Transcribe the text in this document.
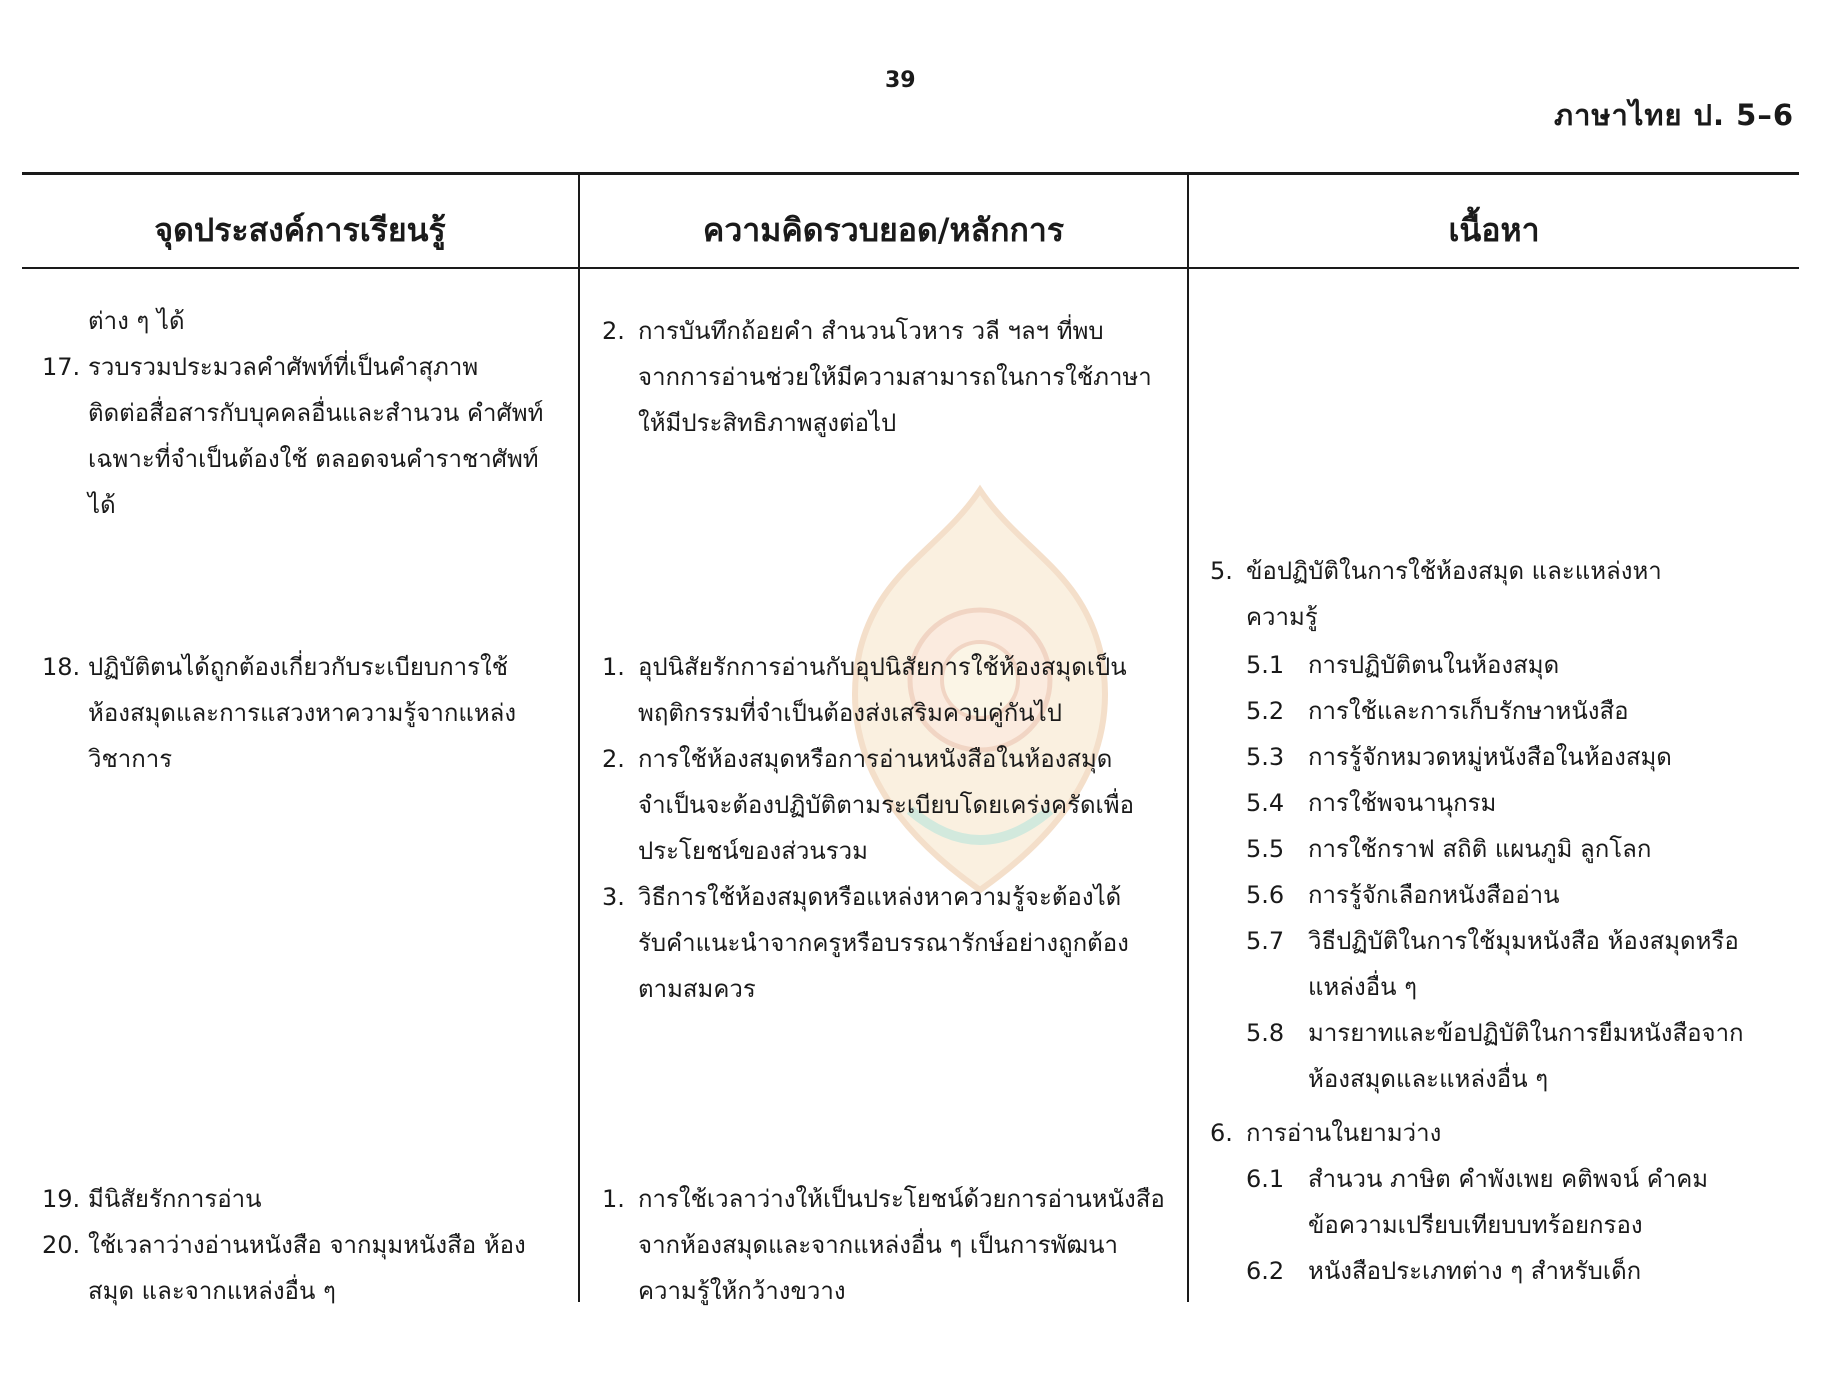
39
ภาษาไทย ป. 5–6
จุดประสงค์การเรียนรู้	ความคิดรวบยอด/หลักการ	เนื้อหา
ต่าง ๆ ได้
17. รวบรวมประมวลคำศัพท์ที่เป็นคำสุภาพ
ติดต่อสื่อสารกับบุคคลอื่นและสำนวน คำศัพท์
เฉพาะที่จำเป็นต้องใช้ ตลอดจนคำราชาศัพท์
ได้
18. ปฏิบัติตนได้ถูกต้องเกี่ยวกับระเบียบการใช้
ห้องสมุดและการแสวงหาความรู้จากแหล่ง
วิชาการ
19. มีนิสัยรักการอ่าน
20. ใช้เวลาว่างอ่านหนังสือ จากมุมหนังสือ ห้อง
สมุด และจากแหล่งอื่น ๆ
2. การบันทึกถ้อยคำ สำนวนโวหาร วลี ฯลฯ ที่พบ
จากการอ่านช่วยให้มีความสามารถในการใช้ภาษา
ให้มีประสิทธิภาพสูงต่อไป
1. อุปนิสัยรักการอ่านกับอุปนิสัยการใช้ห้องสมุดเป็น
พฤติกรรมที่จำเป็นต้องส่งเสริมควบคู่กันไป
2. การใช้ห้องสมุดหรือการอ่านหนังสือในห้องสมุด
จำเป็นจะต้องปฏิบัติตามระเบียบโดยเคร่งครัดเพื่อ
ประโยชน์ของส่วนรวม
3. วิธีการใช้ห้องสมุดหรือแหล่งหาความรู้จะต้องได้
รับคำแนะนำจากครูหรือบรรณารักษ์อย่างถูกต้อง
ตามสมควร
1. การใช้เวลาว่างให้เป็นประโยชน์ด้วยการอ่านหนังสือ
จากห้องสมุดและจากแหล่งอื่น ๆ เป็นการพัฒนา
ความรู้ให้กว้างขวาง
5. ข้อปฏิบัติในการใช้ห้องสมุด และแหล่งหา
ความรู้
5.1 การปฏิบัติตนในห้องสมุด
5.2 การใช้และการเก็บรักษาหนังสือ
5.3 การรู้จักหมวดหมู่หนังสือในห้องสมุด
5.4 การใช้พจนานุกรม
5.5 การใช้กราฟ สถิติ แผนภูมิ ลูกโลก
5.6 การรู้จักเลือกหนังสืออ่าน
5.7 วิธีปฏิบัติในการใช้มุมหนังสือ ห้องสมุดหรือ
แหล่งอื่น ๆ
5.8 มารยาทและข้อปฏิบัติในการยืมหนังสือจาก
ห้องสมุดและแหล่งอื่น ๆ
6. การอ่านในยามว่าง
6.1 สำนวน ภาษิต คำพังเพย คติพจน์ คำคม
ข้อความเปรียบเทียบบทร้อยกรอง
6.2 หนังสือประเภทต่าง ๆ สำหรับเด็ก
